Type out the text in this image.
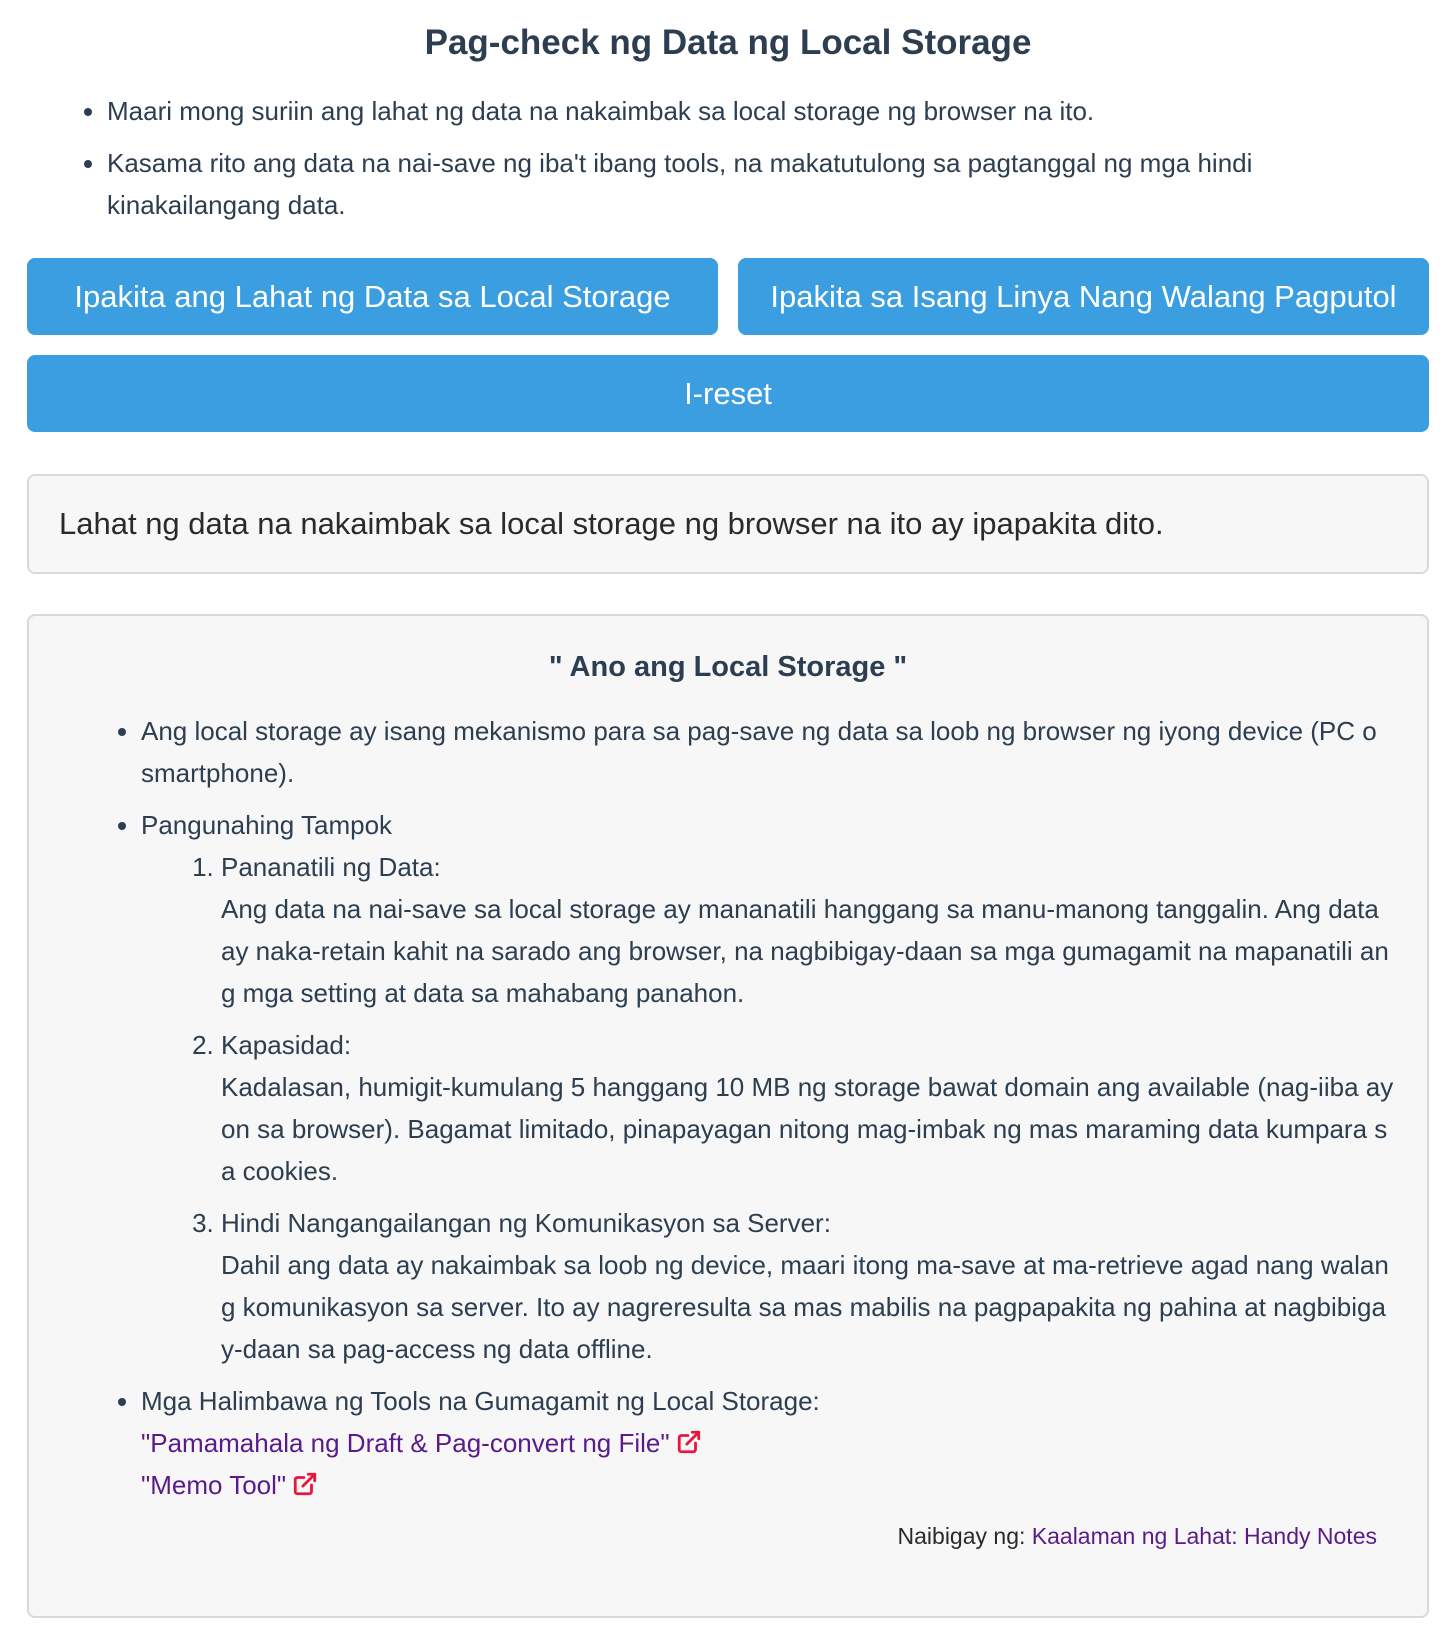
Pag-check ng Data ng Local Storage
• Maari mong suriin ang lahat ng data na nakaimbak sa local storage ng browser na ito.
• Kasama rito ang data na nai-save ng iba't ibang tools, na makatutulong sa pagtanggal ng mga hindi kinakailangang data.
Ipakita ang Lahat ng Data sa Local Storage	Ipakita sa Isang Linya Nang Walang Pagputol
I-reset

Lahat ng data na nakaimbak sa local storage ng browser na ito ay ipapakita dito.

" Ano ang Local Storage "
• Ang local storage ay isang mekanismo para sa pag-save ng data sa loob ng browser ng iyong device (PC o smartphone).
• Pangunahing Tampok
1. Pananatili ng Data:
Ang data na nai-save sa local storage ay mananatili hanggang sa manu-manong tanggalin. Ang data ay naka-retain kahit na sarado ang browser, na nagbibigay-daan sa mga gumagamit na mapanatili ang mga setting at data sa mahabang panahon.
2. Kapasidad:
Kadalasan, humigit-kumulang 5 hanggang 10 MB ng storage bawat domain ang available (nag-iiba ayon sa browser). Bagamat limitado, pinapayagan nitong mag-imbak ng mas maraming data kumpara sa cookies.
3. Hindi Nangangailangan ng Komunikasyon sa Server:
Dahil ang data ay nakaimbak sa loob ng device, maari itong ma-save at ma-retrieve agad nang walang komunikasyon sa server. Ito ay nagreresulta sa mas mabilis na pagpapakita ng pahina at nagbibigay-daan sa pag-access ng data offline.
• Mga Halimbawa ng Tools na Gumagamit ng Local Storage:
"Pamamahala ng Draft & Pag-convert ng File"
"Memo Tool"
Naibigay ng: Kaalaman ng Lahat: Handy Notes
